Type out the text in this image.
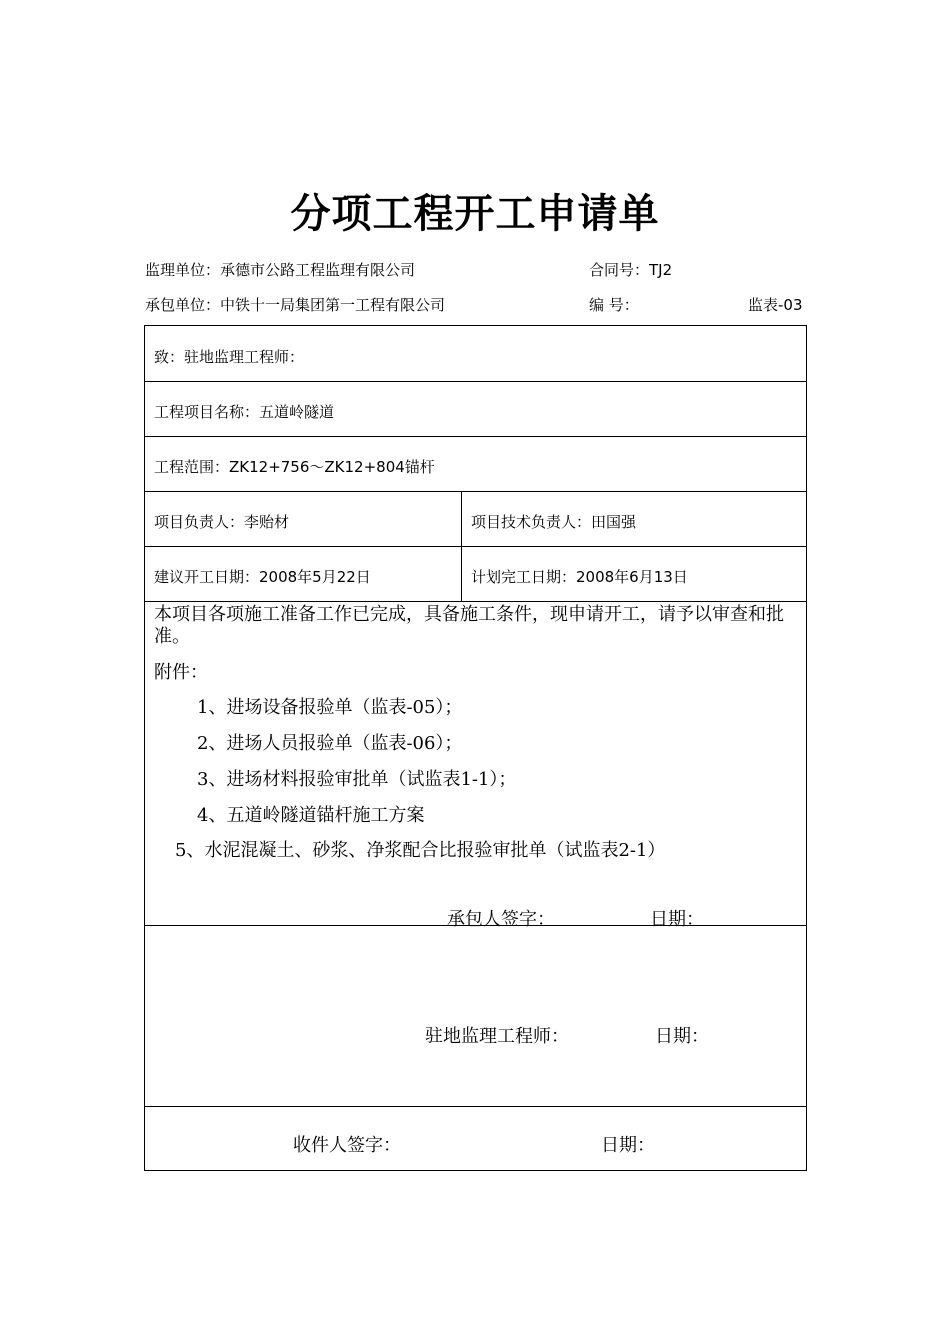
分项工程开工申请单
监理单位：承德市公路工程监理有限公司	合同号：TJ2
承包单位：中铁十一局集团第一工程有限公司	编 号：	监表-03
致：驻地监理工程师：
工程项目名称：五道岭隧道
工程范围：ZK12+756～ZK12+804锚杆
项目负责人：李贻材	项目技术负责人：田国强
建议开工日期：2008年5月22日	计划完工日期：2008年6月13日
本项目各项施工准备工作已完成，具备施工条件，现申请开工，请予以审查和批准。
附件：
1、进场设备报验单（监表-05）；
2、进场人员报验单（监表-06）；
3、进场材料报验审批单（试监表1-1）；
4、五道岭隧道锚杆施工方案
5、水泥混凝土、砂浆、净浆配合比报验审批单（试监表2-1）
承包人签字：	日期：
驻地监理工程师：	日期：
收件人签字：	日期：
